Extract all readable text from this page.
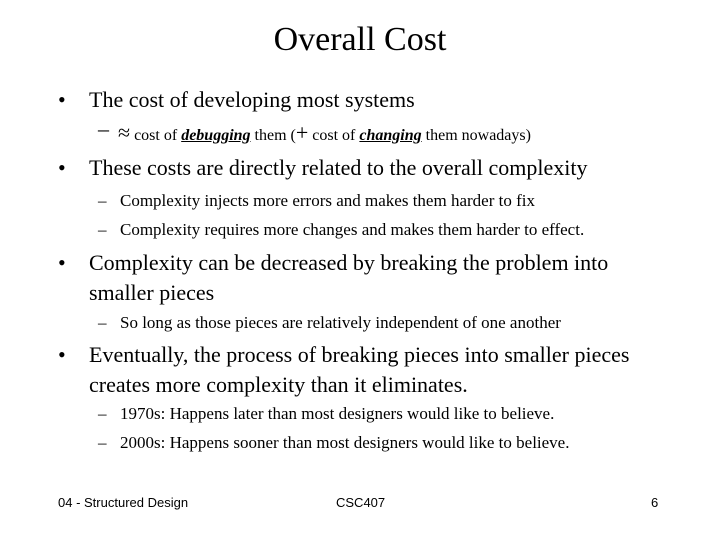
Overall Cost
•	The cost of developing most systems
– ≈ cost of debugging them (+ cost of changing them nowadays)
•	These costs are directly related to the overall complexity
– Complexity injects more errors and makes them harder to fix
– Complexity requires more changes and makes them harder to effect.
•	Complexity can be decreased by breaking the problem into
smaller pieces
– So long as those pieces are relatively independent of one another
•	Eventually, the process of breaking pieces into smaller pieces
creates more complexity than it eliminates.
– 1970s: Happens later than most designers would like to believe.
– 2000s: Happens sooner than most designers would like to believe.
04 - Structured Design	CSC407	6
